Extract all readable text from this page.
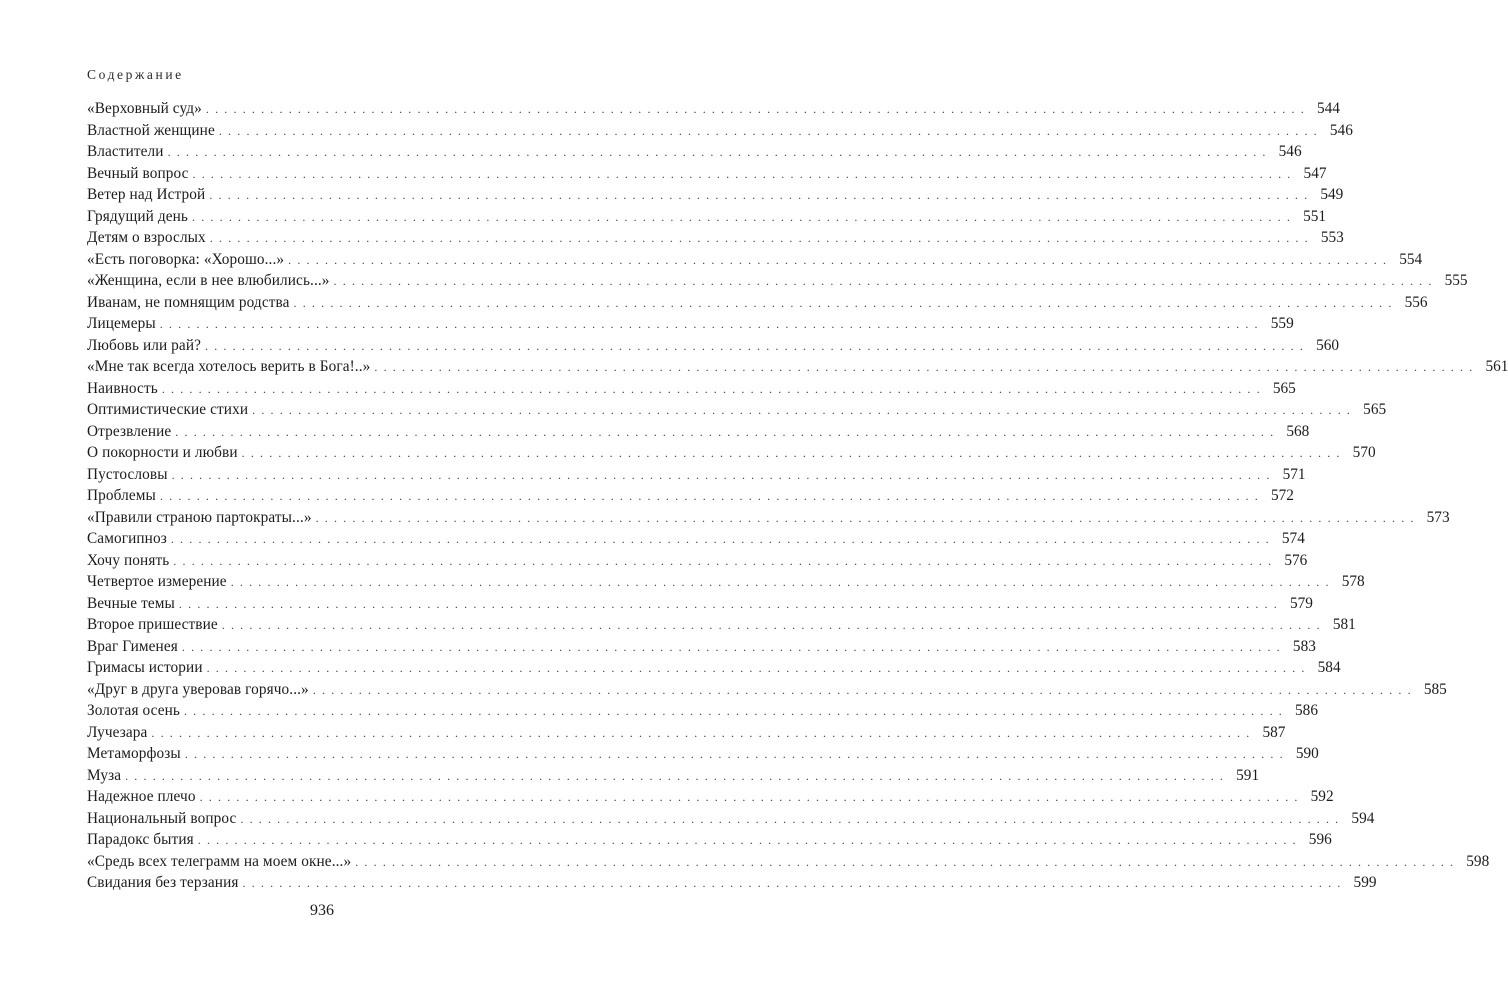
Содержание
«Верховный суд» ........................................................................................................................ 544
Властной женщине ........................................................................................................................ 546
Властители ........................................................................................................................ 546
Вечный вопрос ........................................................................................................................ 547
Ветер над Истрой ........................................................................................................................ 549
Грядущий день ........................................................................................................................ 551
Детям о взрослых ........................................................................................................................ 553
«Есть поговорка: «Хорошо...» ........................................................................................................................ 554
«Женщина, если в нее влюбились...» ........................................................................................................................ 555
Иванам, не помнящим родства ........................................................................................................................ 556
Лицемеры ........................................................................................................................ 559
Любовь или рай? ........................................................................................................................ 560
«Мне так всегда хотелось верить в Бога!..» ........................................................................................................................ 561
Наивность ........................................................................................................................ 565
Оптимистические стихи ........................................................................................................................ 565
Отрезвление ........................................................................................................................ 568
О покорности и любви ........................................................................................................................ 570
Пустословы ........................................................................................................................ 571
Проблемы ........................................................................................................................ 572
«Правили страною партократы...» ........................................................................................................................ 573
Самогипноз ........................................................................................................................ 574
Хочу понять ........................................................................................................................ 576
Четвертое измерение ........................................................................................................................ 578
Вечные темы ........................................................................................................................ 579
Второе пришествие ........................................................................................................................ 581
Враг Гименея ........................................................................................................................ 583
Гримасы истории ........................................................................................................................ 584
«Друг в друга уверовав горячо...» ........................................................................................................................ 585
Золотая осень ........................................................................................................................ 586
Лучезара ........................................................................................................................ 587
Метаморфозы ........................................................................................................................ 590
Муза ........................................................................................................................ 591
Надежное плечо ........................................................................................................................ 592
Национальный вопрос ........................................................................................................................ 594
Парадокс бытия ........................................................................................................................ 596
«Средь всех телеграмм на моем окне...» ........................................................................................................................ 598
Свидания без терзания ........................................................................................................................ 599
936
